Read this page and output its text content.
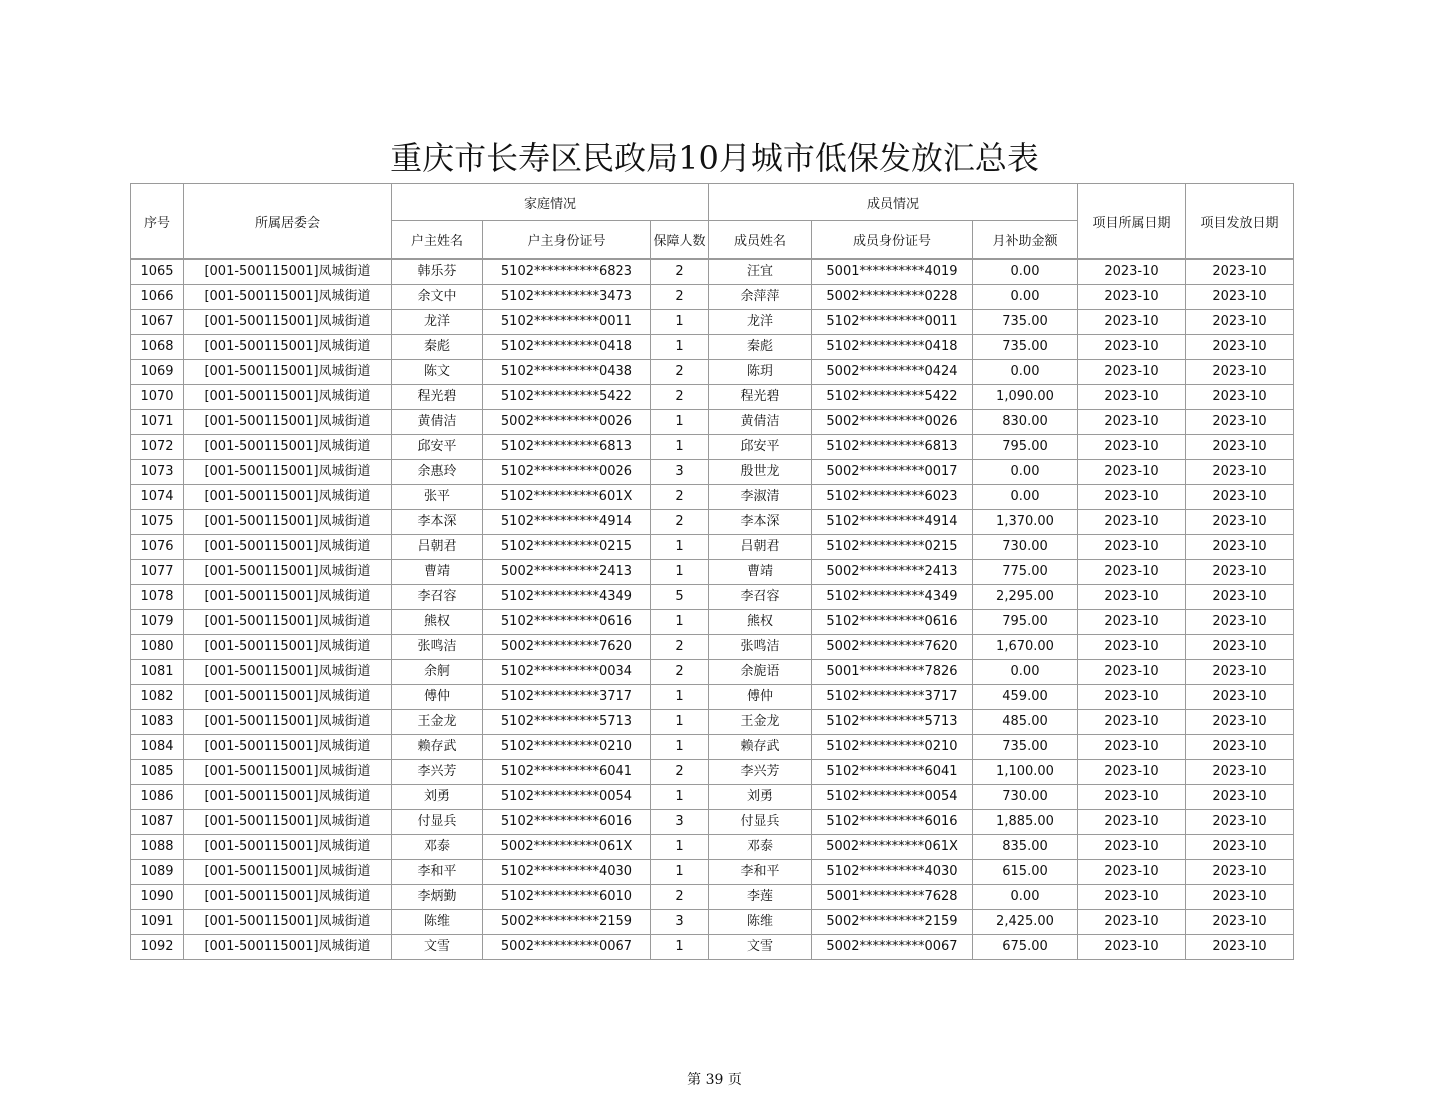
重庆市长寿区民政局10月城市低保发放汇总表
序号	所属居委会	家庭情况			成员情况			项目所属日期	项目发放日期
		户主姓名	户主身份证号	保障人数	成员姓名	成员身份证号	月补助金额		
1065	[001-500115001]凤城街道	韩乐芬	5102**********6823	2	汪宜	5001**********4019	0.00	2023-10	2023-10
1066	[001-500115001]凤城街道	余文中	5102**********3473	2	余萍萍	5002**********0228	0.00	2023-10	2023-10
1067	[001-500115001]凤城街道	龙洋	5102**********0011	1	龙洋	5102**********0011	735.00	2023-10	2023-10
1068	[001-500115001]凤城街道	秦彪	5102**********0418	1	秦彪	5102**********0418	735.00	2023-10	2023-10
1069	[001-500115001]凤城街道	陈文	5102**********0438	2	陈玥	5002**********0424	0.00	2023-10	2023-10
1070	[001-500115001]凤城街道	程光碧	5102**********5422	2	程光碧	5102**********5422	1,090.00	2023-10	2023-10
1071	[001-500115001]凤城街道	黄倩洁	5002**********0026	1	黄倩洁	5002**********0026	830.00	2023-10	2023-10
1072	[001-500115001]凤城街道	邱安平	5102**********6813	1	邱安平	5102**********6813	795.00	2023-10	2023-10
1073	[001-500115001]凤城街道	余惠玲	5102**********0026	3	殷世龙	5002**********0017	0.00	2023-10	2023-10
1074	[001-500115001]凤城街道	张平	5102**********601X	2	李淑清	5102**********6023	0.00	2023-10	2023-10
1075	[001-500115001]凤城街道	李本深	5102**********4914	2	李本深	5102**********4914	1,370.00	2023-10	2023-10
1076	[001-500115001]凤城街道	吕朝君	5102**********0215	1	吕朝君	5102**********0215	730.00	2023-10	2023-10
1077	[001-500115001]凤城街道	曹靖	5002**********2413	1	曹靖	5002**********2413	775.00	2023-10	2023-10
1078	[001-500115001]凤城街道	李召容	5102**********4349	5	李召容	5102**********4349	2,295.00	2023-10	2023-10
1079	[001-500115001]凤城街道	熊权	5102**********0616	1	熊权	5102**********0616	795.00	2023-10	2023-10
1080	[001-500115001]凤城街道	张鸣洁	5002**********7620	2	张鸣洁	5002**********7620	1,670.00	2023-10	2023-10
1081	[001-500115001]凤城街道	余舸	5102**********0034	2	余旎语	5001**********7826	0.00	2023-10	2023-10
1082	[001-500115001]凤城街道	傅仲	5102**********3717	1	傅仲	5102**********3717	459.00	2023-10	2023-10
1083	[001-500115001]凤城街道	王金龙	5102**********5713	1	王金龙	5102**********5713	485.00	2023-10	2023-10
1084	[001-500115001]凤城街道	赖存武	5102**********0210	1	赖存武	5102**********0210	735.00	2023-10	2023-10
1085	[001-500115001]凤城街道	李兴芳	5102**********6041	2	李兴芳	5102**********6041	1,100.00	2023-10	2023-10
1086	[001-500115001]凤城街道	刘勇	5102**********0054	1	刘勇	5102**********0054	730.00	2023-10	2023-10
1087	[001-500115001]凤城街道	付显兵	5102**********6016	3	付显兵	5102**********6016	1,885.00	2023-10	2023-10
1088	[001-500115001]凤城街道	邓泰	5002**********061X	1	邓泰	5002**********061X	835.00	2023-10	2023-10
1089	[001-500115001]凤城街道	李和平	5102**********4030	1	李和平	5102**********4030	615.00	2023-10	2023-10
1090	[001-500115001]凤城街道	李炳勤	5102**********6010	2	李莲	5001**********7628	0.00	2023-10	2023-10
1091	[001-500115001]凤城街道	陈维	5002**********2159	3	陈维	5002**********2159	2,425.00	2023-10	2023-10
1092	[001-500115001]凤城街道	文雪	5002**********0067	1	文雪	5002**********0067	675.00	2023-10	2023-10
第 39 页
